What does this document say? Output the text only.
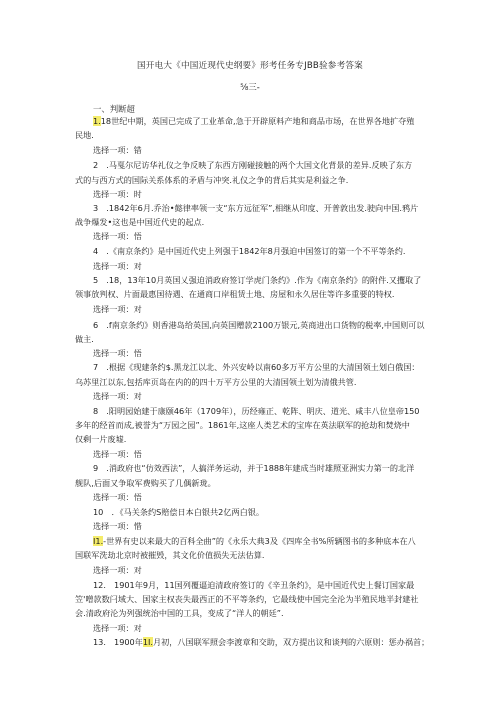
国开电大《中国近现代史纲要》形考任务专JBB验参考答案
⅝三-
一、判断超
1.18世纪中期，英国已完成了工业革命,急于开辟原料产地和商品市场，在世界各地扩夺殖
民地.
选择一项：错
2　.马戛尔尼访华礼仪之争反映了东西方刚碰接触的两个大国文化背景的差异.反映了东方
式的与西方式的国际关系体系的矛盾与冲突.礼仪之争的背后其实是利益之争.
选择一项：时
3　.1842年6月.乔治•懿律率领一支“东方远征军”,相继从印度、开普敦出发.驶向中国.鸦片
战争爆发•这也是中国近代史的起点.
选择一项：悟
4　.《南京条约》是中国近代史上列强于1842年8月强迫中国签订的第一个不平等条约.
选择一项：对
5　.18，13年10月英国乂强迫消政府签订学虎门条约》.作为《南京条约》的附件.又攫取了
领事放判权、片面最惠国待遇、在通商口岸租赁土地、房屋和永久居住等许多重要的特权.
选择一项：对
6　.f南京条约》则香港岛给英国,向英国赠款2100万银元,英商进出口货物的税率,中国则可以
做主.
选择一项：悟
7　.根据《现建条约$.黑龙江以北、外兴安岭以南60多万平方公里的大清国领土划白俄国：
乌苏里江以东,包括库页岛在内的的四十万平方公里的大清国领土划为清俄共管.
选择一项：对
8　.阳明园始建于康颐46年（1709年），历经雍正、乾阵、明庆、道光、咸丰八位皇帝150
多年的经首而成,被誉为“万园之园”。1861年,这座人类艺术的宝库在英法联军的抢劫和焚烧中
仅剩一片废墟.
选择一项：悟
9　.消政府也“仿效西法”，人搞洋务运动，并于1888年建成当时雄照亚洲实力第一的北洋
舰队,后面又争取军费购买了几偶新珑。
选择一项：悟
10　．《马关条约S赔偿日本白银共2亿两白银。
选择一项：惜
I1.-世界有史以来最大的百科全曲”的《永乐大典3及《四库全书%所辆图书的多种底本在八
国联军洗劫北京时被摧毁，其文化价值损失无法估算.
选择一项：对
12.　1901年9月，11国列覆逼迫清政府签订的《辛丑条约》，是中国近代史上餐订国家最
笠'噌款数闩域大、国家主权丧失最西正的不平等条约，它最线使中国完全沦为半殖民地半封建社
会.清政府沦为列强统治中国的工具，变成了“洋人的朝廷”.
选择一项：对
13.　1900年1I.月初，八国联军照会李渡章和交助，双方提出议和谈判的六原则：惩办祸首；
